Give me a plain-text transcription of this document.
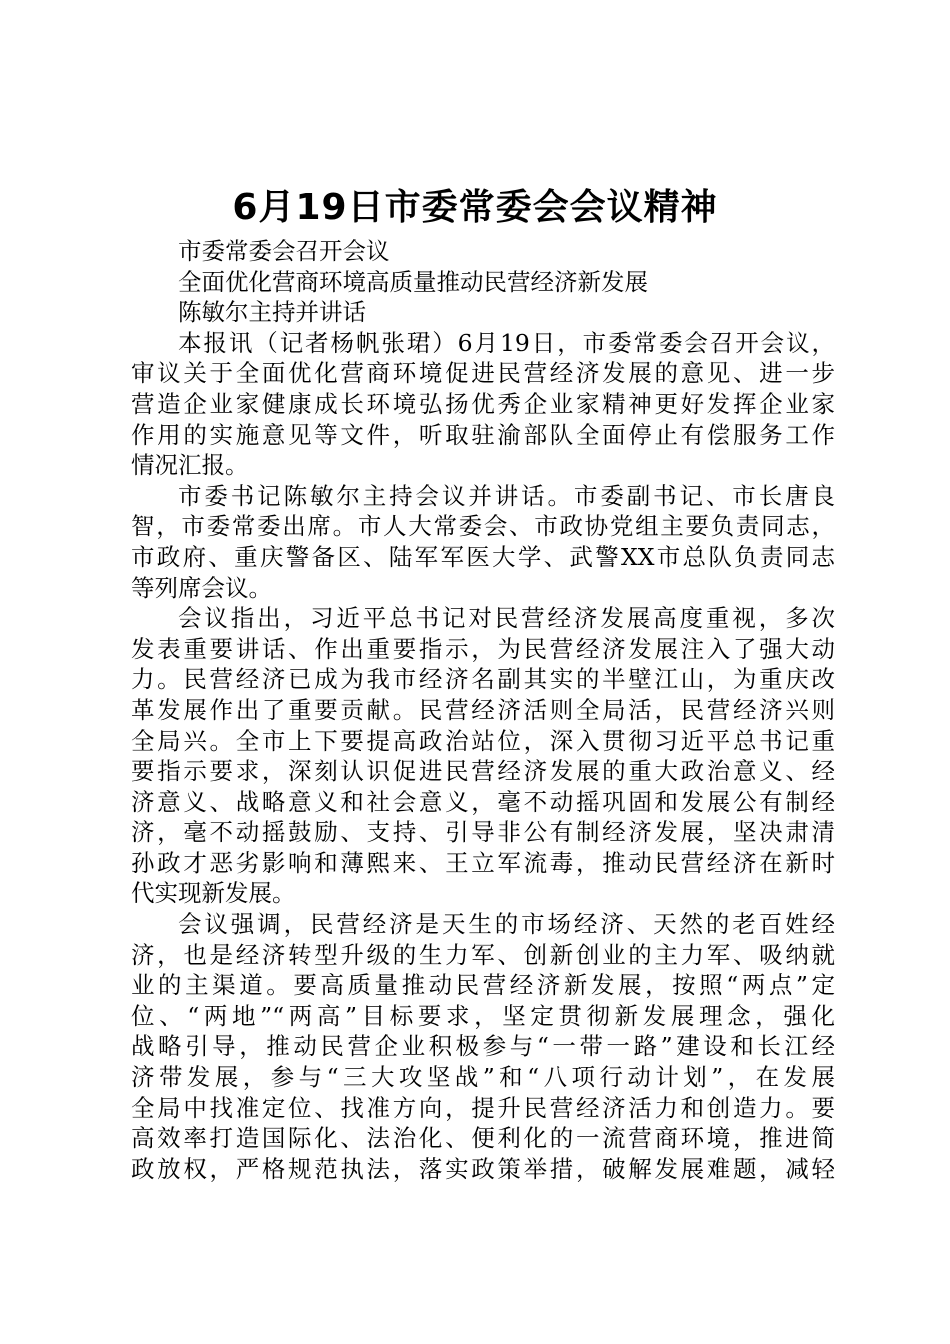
6月19日市委常委会会议精神

市委常委会召开会议

全面优化营商环境高质量推动民营经济新发展

陈敏尔主持并讲话

本报讯（记者杨帆张珺）6月19日，市委常委会召开会议，

审议关于全面优化营商环境促进民营经济发展的意见、进一步

营造企业家健康成长环境弘扬优秀企业家精神更好发挥企业家

作用的实施意见等文件，听取驻渝部队全面停止有偿服务工作

情况汇报。

市委书记陈敏尔主持会议并讲话。市委副书记、市长唐良

智，市委常委出席。市人大常委会、市政协党组主要负责同志，

市政府、重庆警备区、陆军军医大学、武警XX市总队负责同志

等列席会议。

会议指出，习近平总书记对民营经济发展高度重视，多次

发表重要讲话、作出重要指示，为民营经济发展注入了强大动

力。民营经济已成为我市经济名副其实的半壁江山，为重庆改

革发展作出了重要贡献。民营经济活则全局活，民营经济兴则

全局兴。全市上下要提高政治站位，深入贯彻习近平总书记重

要指示要求，深刻认识促进民营经济发展的重大政治意义、经

济意义、战略意义和社会意义，毫不动摇巩固和发展公有制经

济，毫不动摇鼓励、支持、引导非公有制经济发展，坚决肃清

孙政才恶劣影响和薄熙来、王立军流毒，推动民营经济在新时

代实现新发展。

会议强调，民营经济是天生的市场经济、天然的老百姓经

济，也是经济转型升级的生力军、创新创业的主力军、吸纳就

业的主渠道。要高质量推动民营经济新发展，按照“两点”定

位、“两地”“两高”目标要求，坚定贯彻新发展理念，强化

战略引导，推动民营企业积极参与“一带一路”建设和长江经

济带发展，参与“三大攻坚战”和“八项行动计划”，在发展

全局中找准定位、找准方向，提升民营经济活力和创造力。要

高效率打造国际化、法治化、便利化的一流营商环境，推进简

政放权，严格规范执法，落实政策举措，破解发展难题，减轻
